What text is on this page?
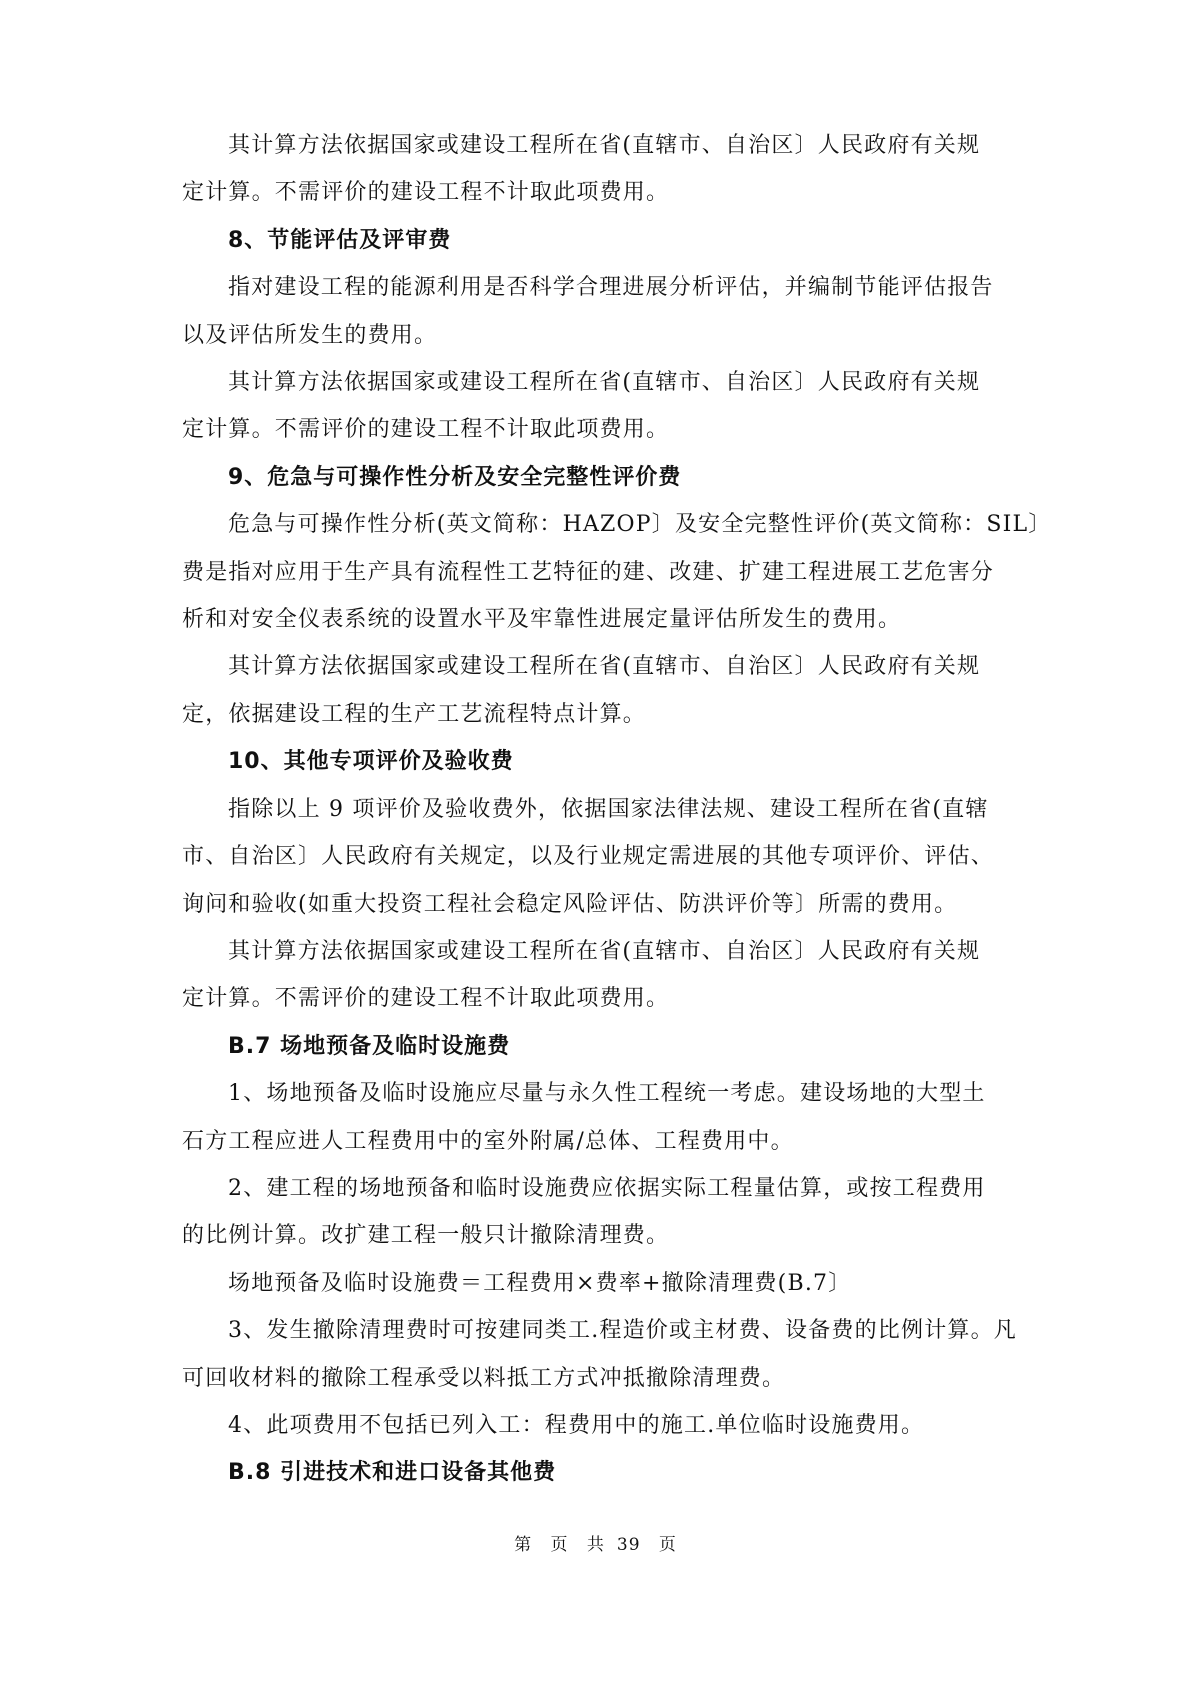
其计算方法依据国家或建设工程所在省(直辖市、自治区〕人民政府有关规

定计算。不需评价的建设工程不计取此项费用。

8、节能评估及评审费

指对建设工程的能源利用是否科学合理进展分析评估，并编制节能评估报告

以及评估所发生的费用。

其计算方法依据国家或建设工程所在省(直辖市、自治区〕人民政府有关规

定计算。不需评价的建设工程不计取此项费用。

9、危急与可操作性分析及安全完整性评价费

危急与可操作性分析(英文简称：HAZOP〕及安全完整性评价(英文简称：SIL〕

费是指对应用于生产具有流程性工艺特征的建、改建、扩建工程进展工艺危害分

析和对安全仪表系统的设置水平及牢靠性进展定量评估所发生的费用。

其计算方法依据国家或建设工程所在省(直辖市、自治区〕人民政府有关规

定，依据建设工程的生产工艺流程特点计算。

10、其他专项评价及验收费

指除以上 9 项评价及验收费外，依据国家法律法规、建设工程所在省(直辖

市、自治区〕人民政府有关规定，以及行业规定需进展的其他专项评价、评估、

询问和验收(如重大投资工程社会稳定风险评估、防洪评价等〕所需的费用。

其计算方法依据国家或建设工程所在省(直辖市、自治区〕人民政府有关规

定计算。不需评价的建设工程不计取此项费用。

B.7 场地预备及临时设施费

1、场地预备及临时设施应尽量与永久性工程统一考虑。建设场地的大型土

石方工程应进人工程费用中的室外附属/总体、工程费用中。

2、建工程的场地预备和临时设施费应依据实际工程量估算，或按工程费用

的比例计算。改扩建工程一般只计撤除清理费。

场地预备及临时设施费＝工程费用×费率+撤除清理费(B.7〕

3、发生撤除清理费时可按建同类工.程造价或主材费、设备费的比例计算。凡

可回收材料的撤除工程承受以料抵工方式冲抵撤除清理费。

4、此项费用不包括已列入工：程费用中的施工.单位临时设施费用。

B.8 引进技术和进口设备其他费

第 页 共 39 页
